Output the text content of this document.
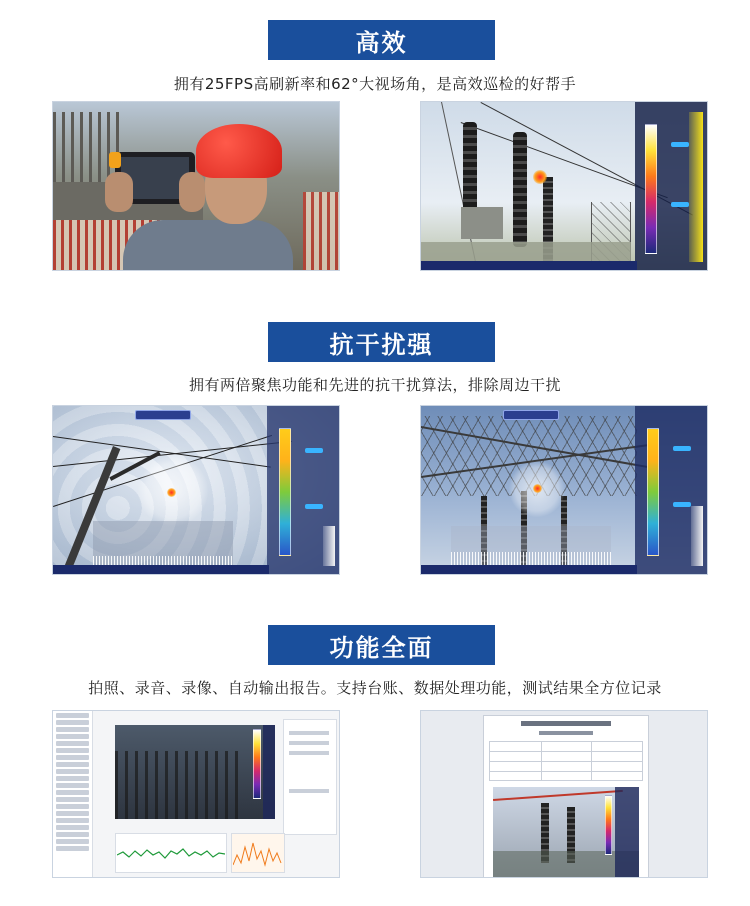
高效
拥有25FPS高刷新率和62°大视场角，是高效巡检的好帮手
抗干扰强
拥有两倍聚焦功能和先进的抗干扰算法，排除周边干扰
功能全面
拍照、录音、录像、自动输出报告。支持台账、数据处理功能，测试结果全方位记录
